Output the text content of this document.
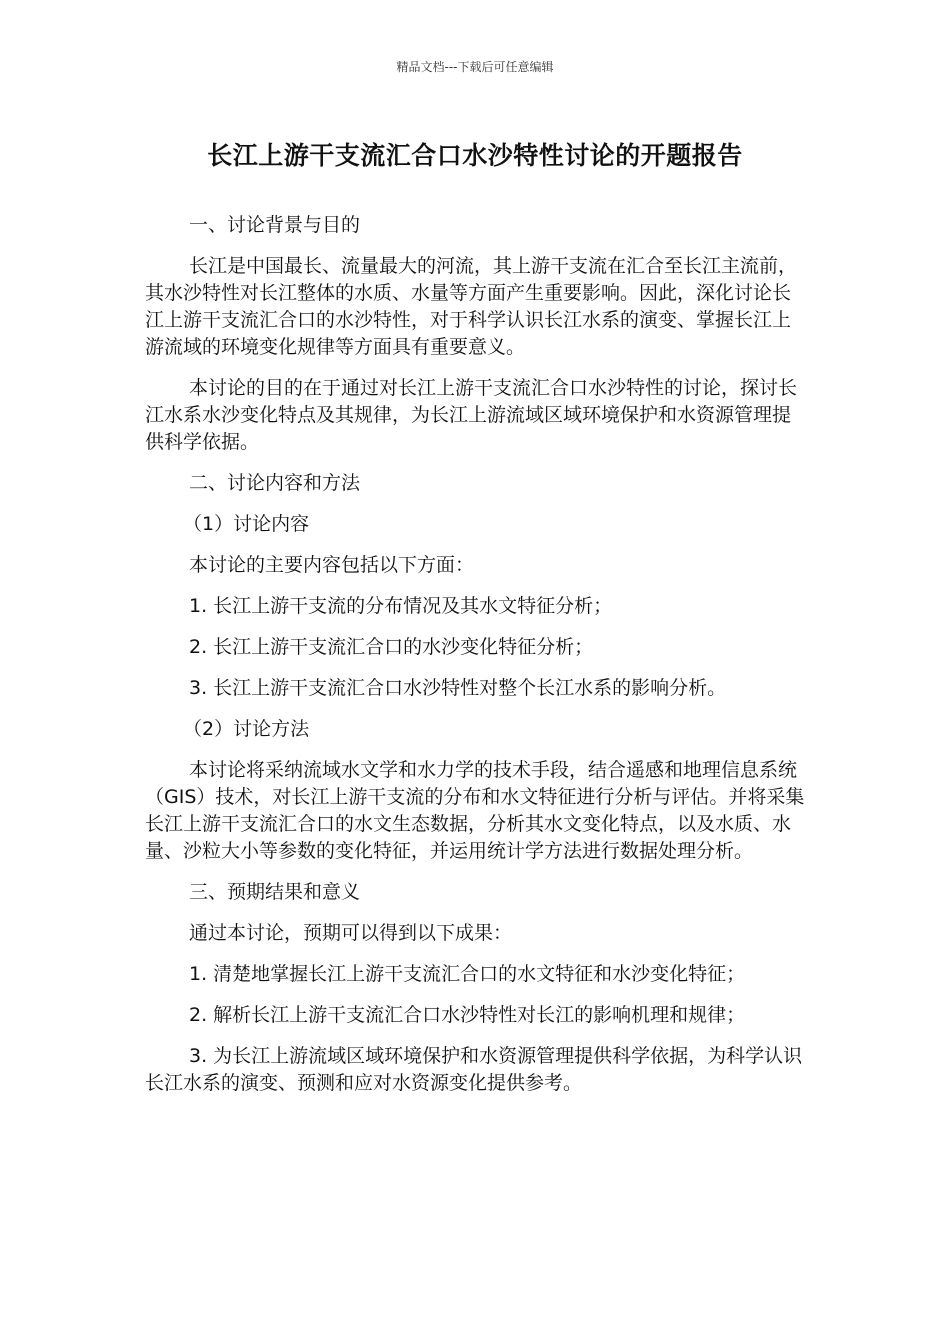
精品文档---下载后可任意编辑
长江上游干支流汇合口水沙特性讨论的开题报告

一、讨论背景与目的

长江是中国最长、流量最大的河流，其上游干支流在汇合至长江主流前，其水沙特性对长江整体的水质、水量等方面产生重要影响。因此，深化讨论长江上游干支流汇合口的水沙特性，对于科学认识长江水系的演变、掌握长江上游流域的环境变化规律等方面具有重要意义。

本讨论的目的在于通过对长江上游干支流汇合口水沙特性的讨论，探讨长江水系水沙变化特点及其规律，为长江上游流域区域环境保护和水资源管理提供科学依据。

二、讨论内容和方法

（1）讨论内容

本讨论的主要内容包括以下方面：

1. 长江上游干支流的分布情况及其水文特征分析；

2. 长江上游干支流汇合口的水沙变化特征分析；

3. 长江上游干支流汇合口水沙特性对整个长江水系的影响分析。

（2）讨论方法

本讨论将采纳流域水文学和水力学的技术手段，结合遥感和地理信息系统（GIS）技术，对长江上游干支流的分布和水文特征进行分析与评估。并将采集长江上游干支流汇合口的水文生态数据，分析其水文变化特点，以及水质、水量、沙粒大小等参数的变化特征，并运用统计学方法进行数据处理分析。

三、预期结果和意义

通过本讨论，预期可以得到以下成果：

1. 清楚地掌握长江上游干支流汇合口的水文特征和水沙变化特征；

2. 解析长江上游干支流汇合口水沙特性对长江的影响机理和规律；

3. 为长江上游流域区域环境保护和水资源管理提供科学依据，为科学认识长江水系的演变、预测和应对水资源变化提供参考。
